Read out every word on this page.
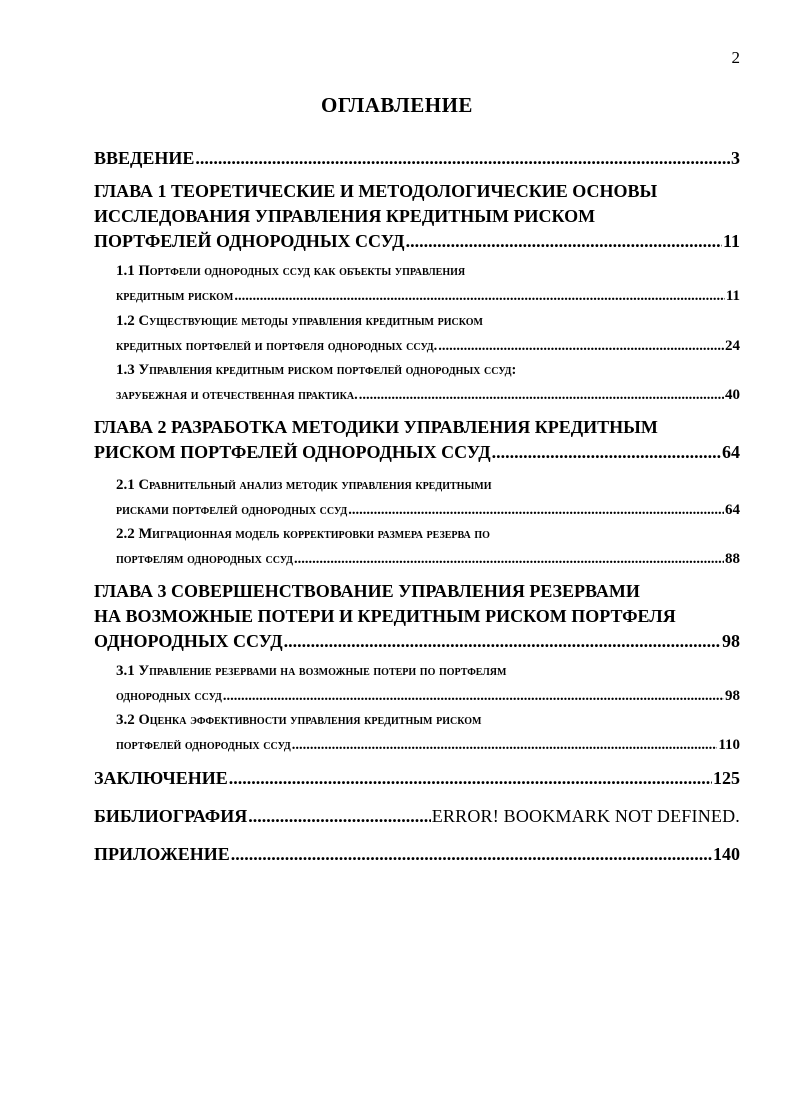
2
ОГЛАВЛЕНИЕ
ВВЕДЕНИЕ .....	3
ГЛАВА 1 ТЕОРЕТИЧЕСКИЕ И МЕТОДОЛОГИЧЕСКИЕ ОСНОВЫ
ИССЛЕДОВАНИЯ УПРАВЛЕНИЯ КРЕДИТНЫМ РИСКОМ
ПОРТФЕЛЕЙ ОДНОРОДНЫХ ССУД .....	11
1.1 Портфели однородных ссуд как объекты управления
кредитным риском .....	11
1.2 Существующие методы управления кредитным риском
кредитных портфелей и портфеля однородных ссуд. .....	24
1.3 Управления кредитным риском портфелей однородных ссуд:
зарубежная и отечественная практика. .....	40
ГЛАВА 2 РАЗРАБОТКА МЕТОДИКИ УПРАВЛЕНИЯ КРЕДИТНЫМ
РИСКОМ ПОРТФЕЛЕЙ ОДНОРОДНЫХ ССУД .....	64
2.1 Сравнительный анализ методик управления кредитными
рисками портфелей однородных ссуд .....	64
2.2 Миграционная модель корректировки размера резерва по
портфелям однородных ссуд .....	88
ГЛАВА 3 СОВЕРШЕНСТВОВАНИЕ УПРАВЛЕНИЯ РЕЗЕРВАМИ
НА ВОЗМОЖНЫЕ ПОТЕРИ И КРЕДИТНЫМ РИСКОМ ПОРТФЕЛЯ
ОДНОРОДНЫХ ССУД .....	98
3.1 Управление резервами на возможные потери по портфелям
однородных ссуд .....	98
3.2 Оценка эффективности управления кредитным риском
портфелей однородных ссуд .....	110
ЗАКЛЮЧЕНИЕ .....	125
БИБЛИОГРАФИЯ .....	ERROR! BOOKMARK NOT DEFINED.
ПРИЛОЖЕНИЕ .....	140
